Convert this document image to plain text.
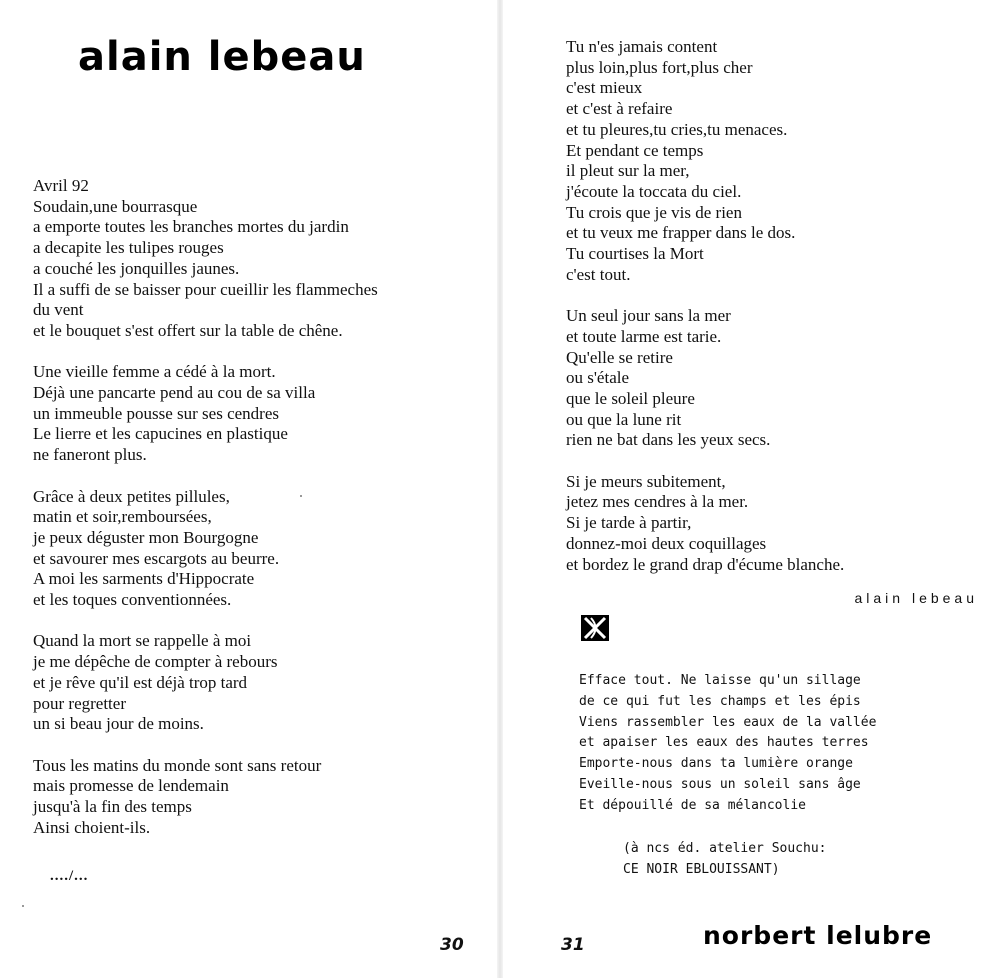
alain lebeau

Avril 92
Soudain,une bourrasque
a emporte toutes les branches mortes du jardin
a decapite les tulipes rouges
a couché les jonquilles jaunes.
Il a suffi de se baisser pour cueillir les flammeches
du vent
et le bouquet s'est offert sur la table de chêne.

Une vieille femme a cédé à la mort.
Déjà une pancarte pend au cou de sa villa
un immeuble pousse sur ses cendres
Le lierre et les capucines en plastique
ne faneront plus.

Grâce à deux petites pillules,
matin et soir,remboursées,
je peux déguster mon Bourgogne
et savourer mes escargots au beurre.
A moi les sarments d'Hippocrate
et les toques conventionnées.

Quand la mort se rappelle à moi
je me dépêche de compter à rebours
et je rêve qu'il est déjà trop tard
pour regretter
un si beau jour de moins.

Tous les matins du monde sont sans retour
mais promesse de lendemain
jusqu'à la fin des temps
Ainsi choient-ils.

..../...
30

Tu n'es jamais content
plus loin,plus fort,plus cher
c'est mieux
et c'est à refaire
et tu pleures,tu cries,tu menaces.
Et pendant ce temps
il pleut sur la mer,
j'écoute la toccata du ciel.
Tu crois que je vis de rien
et tu veux me frapper dans le dos.
Tu courtises la Mort
c'est tout.

Un seul jour sans la mer
et toute larme est tarie.
Qu'elle se retire
ou s'étale
que le soleil pleure
ou que la lune rit
rien ne bat dans les yeux secs.

Si je meurs subitement,
jetez mes cendres à la mer.
Si je tarde à partir,
donnez-moi deux coquillages
et bordez le grand drap d'écume blanche.

alain lebeau
Efface tout. Ne laisse qu'un sillage
de ce qui fut les champs et les épis
Viens rassembler les eaux de la vallée
et apaiser les eaux des hautes terres
Emporte-nous dans ta lumière orange
Eveille-nous sous un soleil sans âge
Et dépouillé de sa mélancolie
(à ncs éd. atelier Souchu:
CE NOIR EBLOUISSANT)
31	norbert lelubre
